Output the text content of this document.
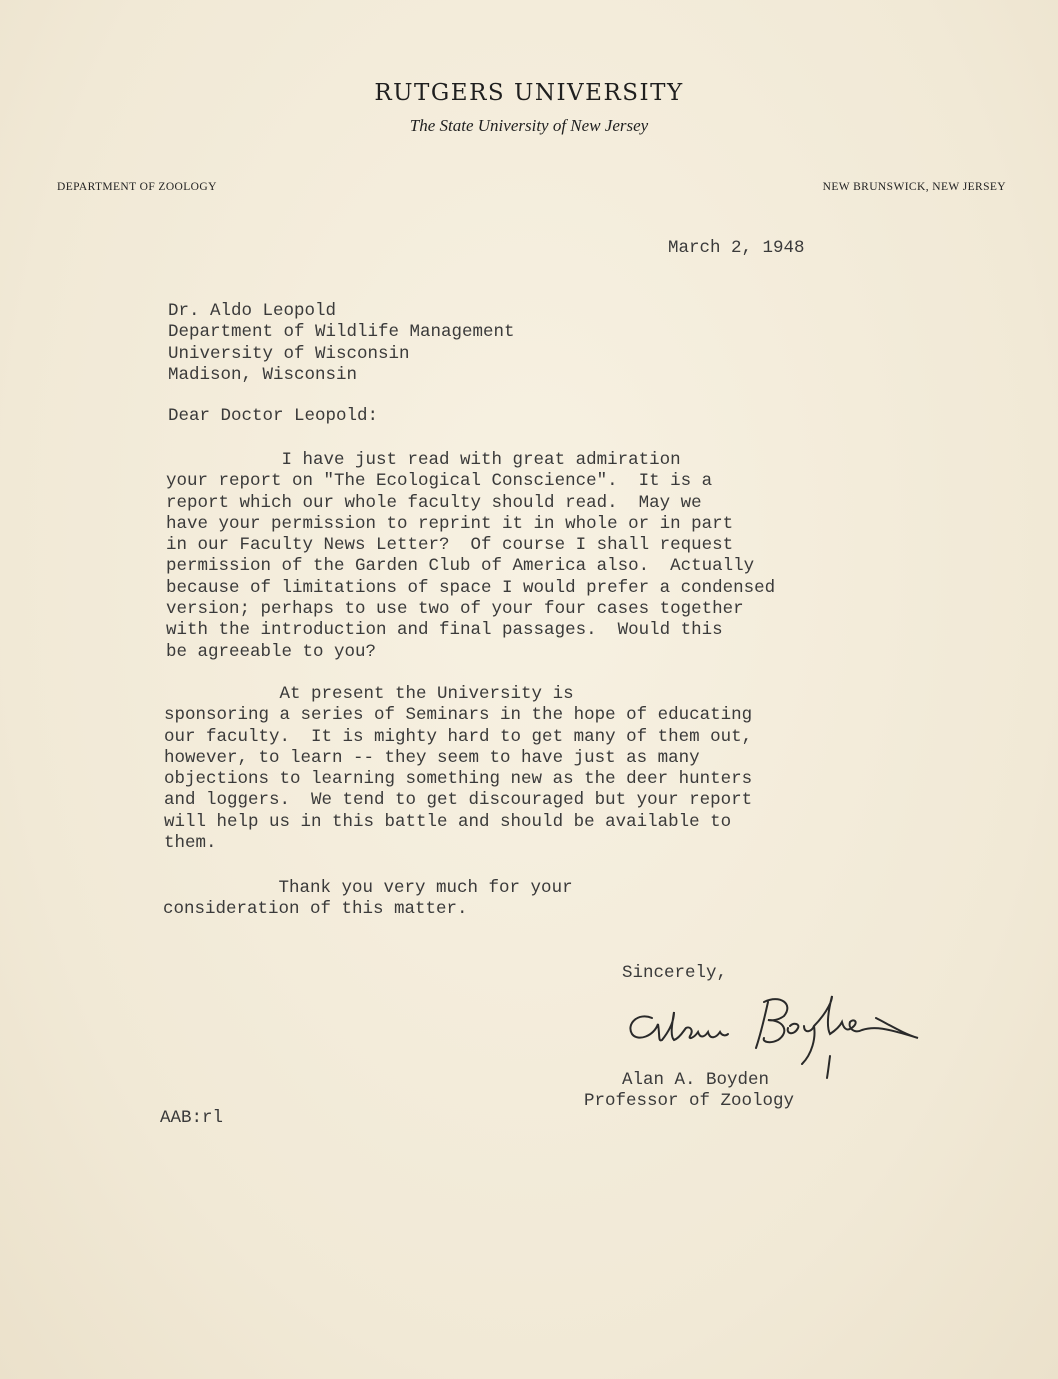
RUTGERS UNIVERSITY
The State University of New Jersey
DEPARTMENT OF ZOOLOGY	NEW BRUNSWICK, NEW JERSEY
March 2, 1948
Dr. Aldo Leopold
Department of Wildlife Management
University of Wisconsin
Madison, Wisconsin
Dear Doctor Leopold:
I have just read with great admiration
your report on "The Ecological Conscience".  It is a
report which our whole faculty should read.  May we
have your permission to reprint it in whole or in part
in our Faculty News Letter?  Of course I shall request
permission of the Garden Club of America also.  Actually
because of limitations of space I would prefer a condensed
version; perhaps to use two of your four cases together
with the introduction and final passages.  Would this
be agreeable to you?
At present the University is
sponsoring a series of Seminars in the hope of educating
our faculty.  It is mighty hard to get many of them out,
however, to learn -- they seem to have just as many
objections to learning something new as the deer hunters
and loggers.  We tend to get discouraged but your report
will help us in this battle and should be available to
them.
Thank you very much for your
consideration of this matter.
Sincerely,
Alan Boyden
Alan A. Boyden
Professor of Zoology
AAB:rl
